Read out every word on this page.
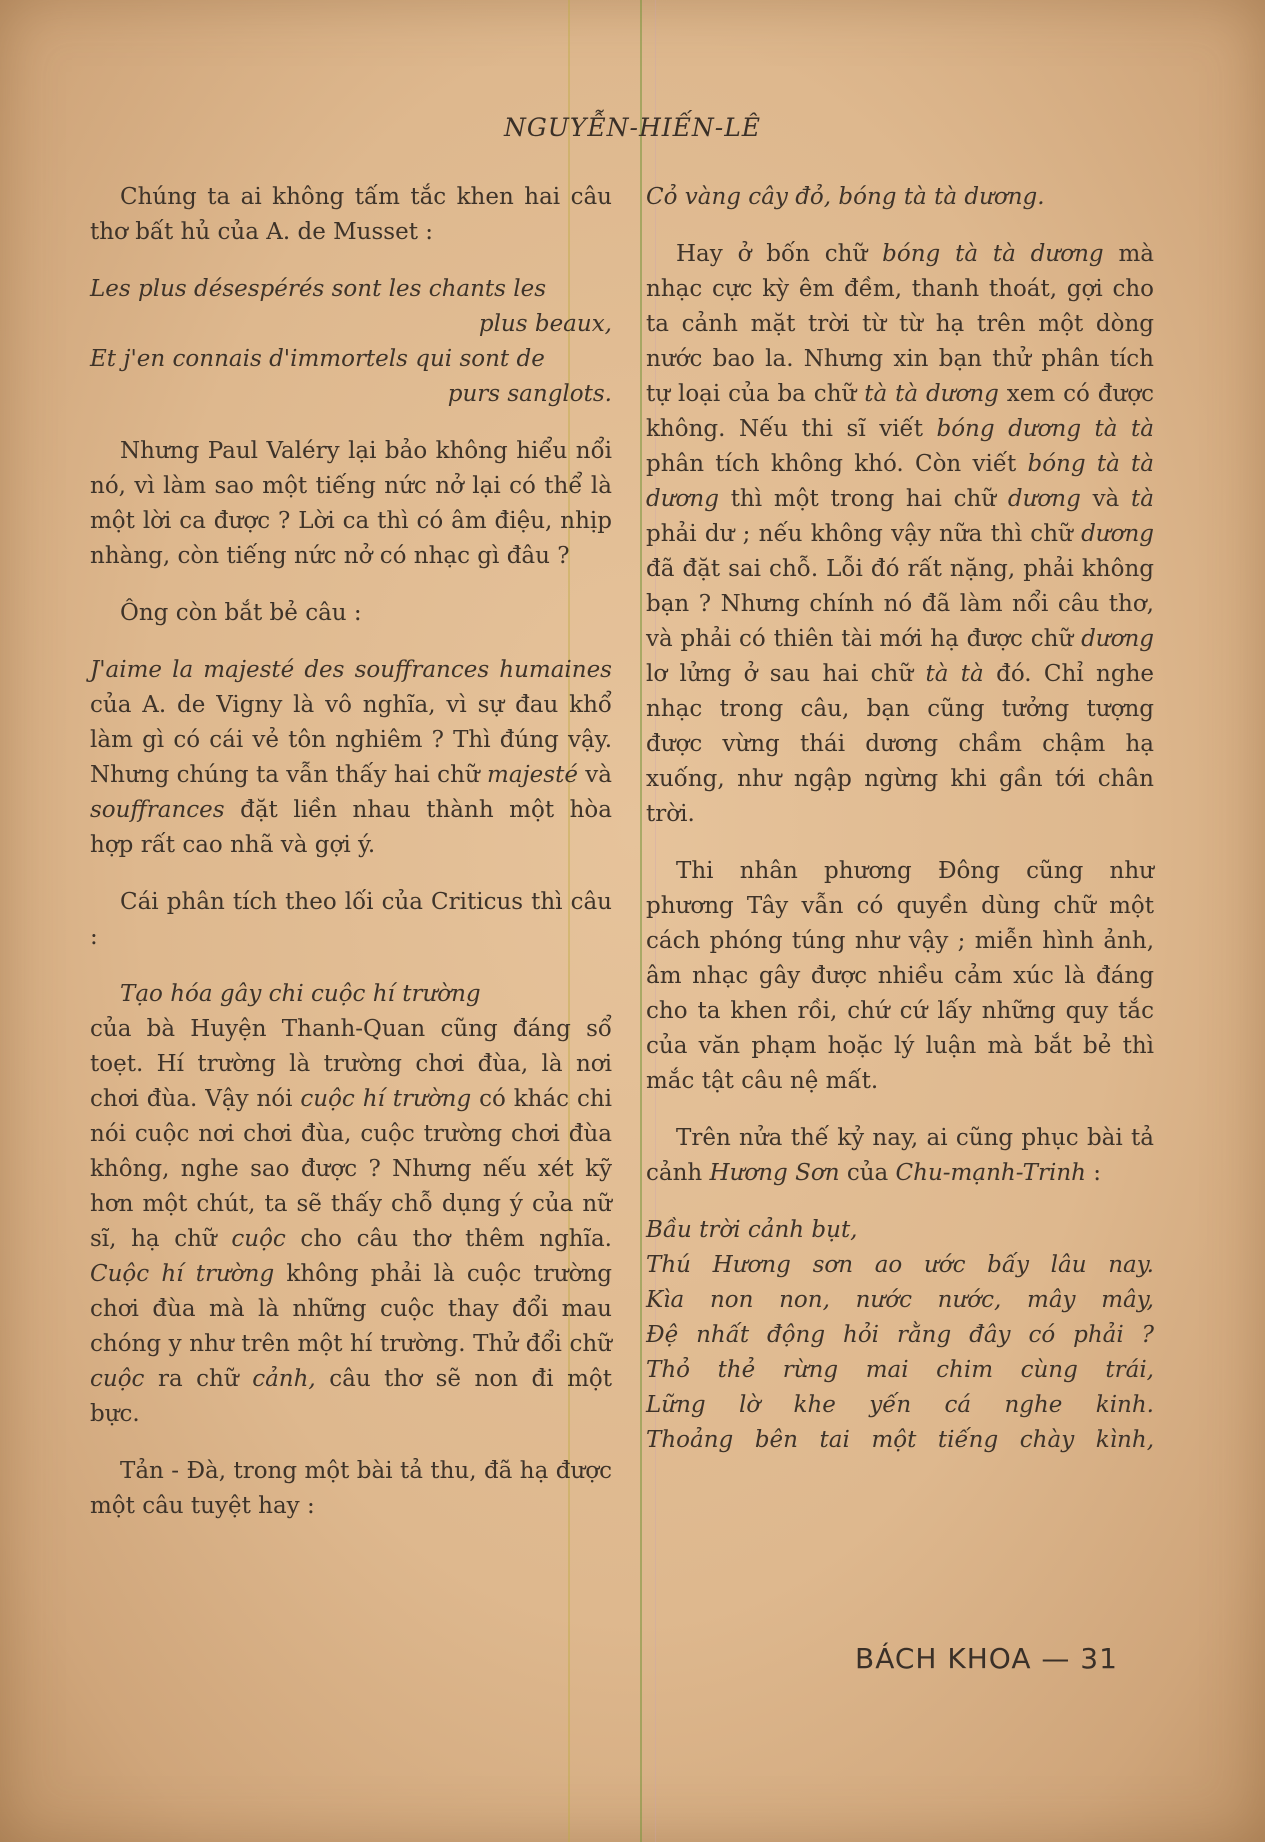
NGUYỄN-HIẾN-LÊ

Chúng ta ai không tấm tắc khen hai câu thơ bất hủ của A. de Musset :

Les plus désespérés sont les chants les
plus beaux,
Et j'en connais d'immortels qui sont de
purs sanglots.

Nhưng Paul Valéry lại bảo không hiểu nổi nó, vì làm sao một tiếng nức nở lại có thể là một lời ca được ? Lời ca thì có âm điệu, nhịp nhàng, còn tiếng nức nở có nhạc gì đâu ?

Ông còn bắt bẻ câu :

J'aime la majesté des souffrances humaines của A. de Vigny là vô nghĩa, vì sự đau khổ làm gì có cái vẻ tôn nghiêm ? Thì đúng vậy. Nhưng chúng ta vẫn thấy hai chữ majesté và souffrances đặt liền nhau thành một hòa hợp rất cao nhã và gợi ý.

Cái phân tích theo lối của Criticus thì câu :

Tạo hóa gây chi cuộc hí trường
của bà Huyện Thanh-Quan cũng đáng sổ toẹt. Hí trường là trường chơi đùa, là nơi chơi đùa. Vậy nói cuộc hí trường có khác chi nói cuộc nơi chơi đùa, cuộc trường chơi đùa không, nghe sao được ? Nhưng nếu xét kỹ hơn một chút, ta sẽ thấy chỗ dụng ý của nữ sĩ, hạ chữ cuộc cho câu thơ thêm nghĩa. Cuộc hí trường không phải là cuộc trường chơi đùa mà là những cuộc thay đổi mau chóng y như trên một hí trường. Thử đổi chữ cuộc ra chữ cảnh, câu thơ sẽ non đi một bực.

Tản - Đà, trong một bài tả thu, đã hạ được một câu tuyệt hay :

Cỏ vàng cây đỏ, bóng tà tà dương.

Hay ở bốn chữ bóng tà tà dương mà nhạc cực kỳ êm đềm, thanh thoát, gợi cho ta cảnh mặt trời từ từ hạ trên một dòng nước bao la. Nhưng xin bạn thử phân tích tự loại của ba chữ tà tà dương xem có được không. Nếu thi sĩ viết bóng dương tà tà phân tích không khó. Còn viết bóng tà tà dương thì một trong hai chữ dương và tà phải dư ; nếu không vậy nữa thì chữ dương đã đặt sai chỗ. Lỗi đó rất nặng, phải không bạn ? Nhưng chính nó đã làm nổi câu thơ, và phải có thiên tài mới hạ được chữ dương lơ lửng ở sau hai chữ tà tà đó. Chỉ nghe nhạc trong câu, bạn cũng tưởng tượng được vừng thái dương chầm chậm hạ xuống, như ngập ngừng khi gần tới chân trời.

Thi nhân phương Đông cũng như phương Tây vẫn có quyền dùng chữ một cách phóng túng như vậy ; miễn hình ảnh, âm nhạc gây được nhiều cảm xúc là đáng cho ta khen rồi, chứ cứ lấy những quy tắc của văn phạm hoặc lý luận mà bắt bẻ thì mắc tật câu nệ mất.

Trên nửa thế kỷ nay, ai cũng phục bài tả cảnh Hương Sơn của Chu-mạnh-Trinh :

Bầu trời cảnh bụt,
Thú Hương sơn ao ước bấy lâu nay.
Kìa non non, nước nước, mây mây,
Đệ nhất động hỏi rằng đây có phải ?
Thỏ thẻ rừng mai chim cùng trái,
Lững lờ khe yến cá nghe kinh.
Thoảng bên tai một tiếng chày kình,
BÁCH KHOA — 31
